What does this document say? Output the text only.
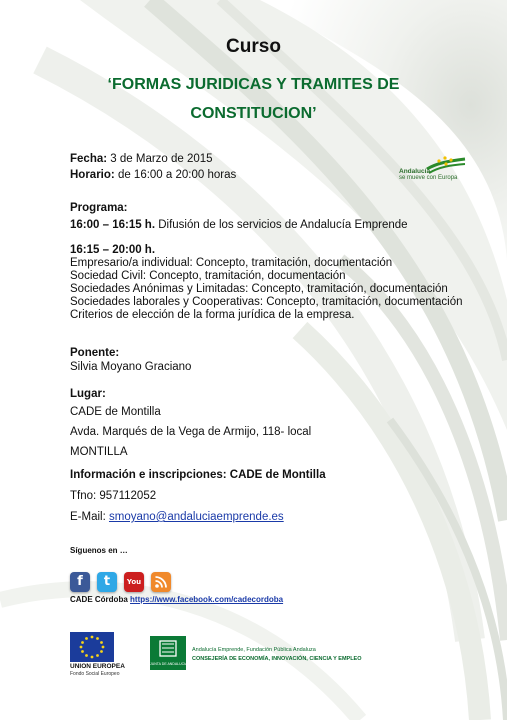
Curso
‘FORMAS JURIDICAS Y TRAMITES DE
CONSTITUCION’
Andalucía
se mueve con Europa
Fecha: 3 de Marzo de 2015
Horario: de 16:00 a 20:00 horas
Programa:
16:00 – 16:15 h. Difusión de los servicios de Andalucía Emprende
16:15 – 20:00 h.
Empresario/a individual: Concepto, tramitación, documentación
Sociedad Civil: Concepto, tramitación, documentación
Sociedades Anónimas y Limitadas: Concepto, tramitación, documentación
Sociedades laborales y Cooperativas: Concepto, tramitación, documentación
Criterios de elección de la forma jurídica de la empresa.
Ponente:
Silvia Moyano Graciano
Lugar:
CADE de Montilla
Avda. Marqués de la Vega de Armijo, 118- local
MONTILLA
Información e inscripciones: CADE de Montilla
Tfno: 957112052
E-Mail: smoyano@andaluciaemprende.es
Síguenos en …
f	t	You
CADE Córdoba https://www.facebook.com/cadecordoba
UNION EUROPEA
Fondo Social Europeo
JUNTA DE ANDALUCIA
Andalucía Emprende, Fundación Pública Andaluza
CONSEJERÍA DE ECONOMÍA, INNOVACIÓN, CIENCIA Y EMPLEO
